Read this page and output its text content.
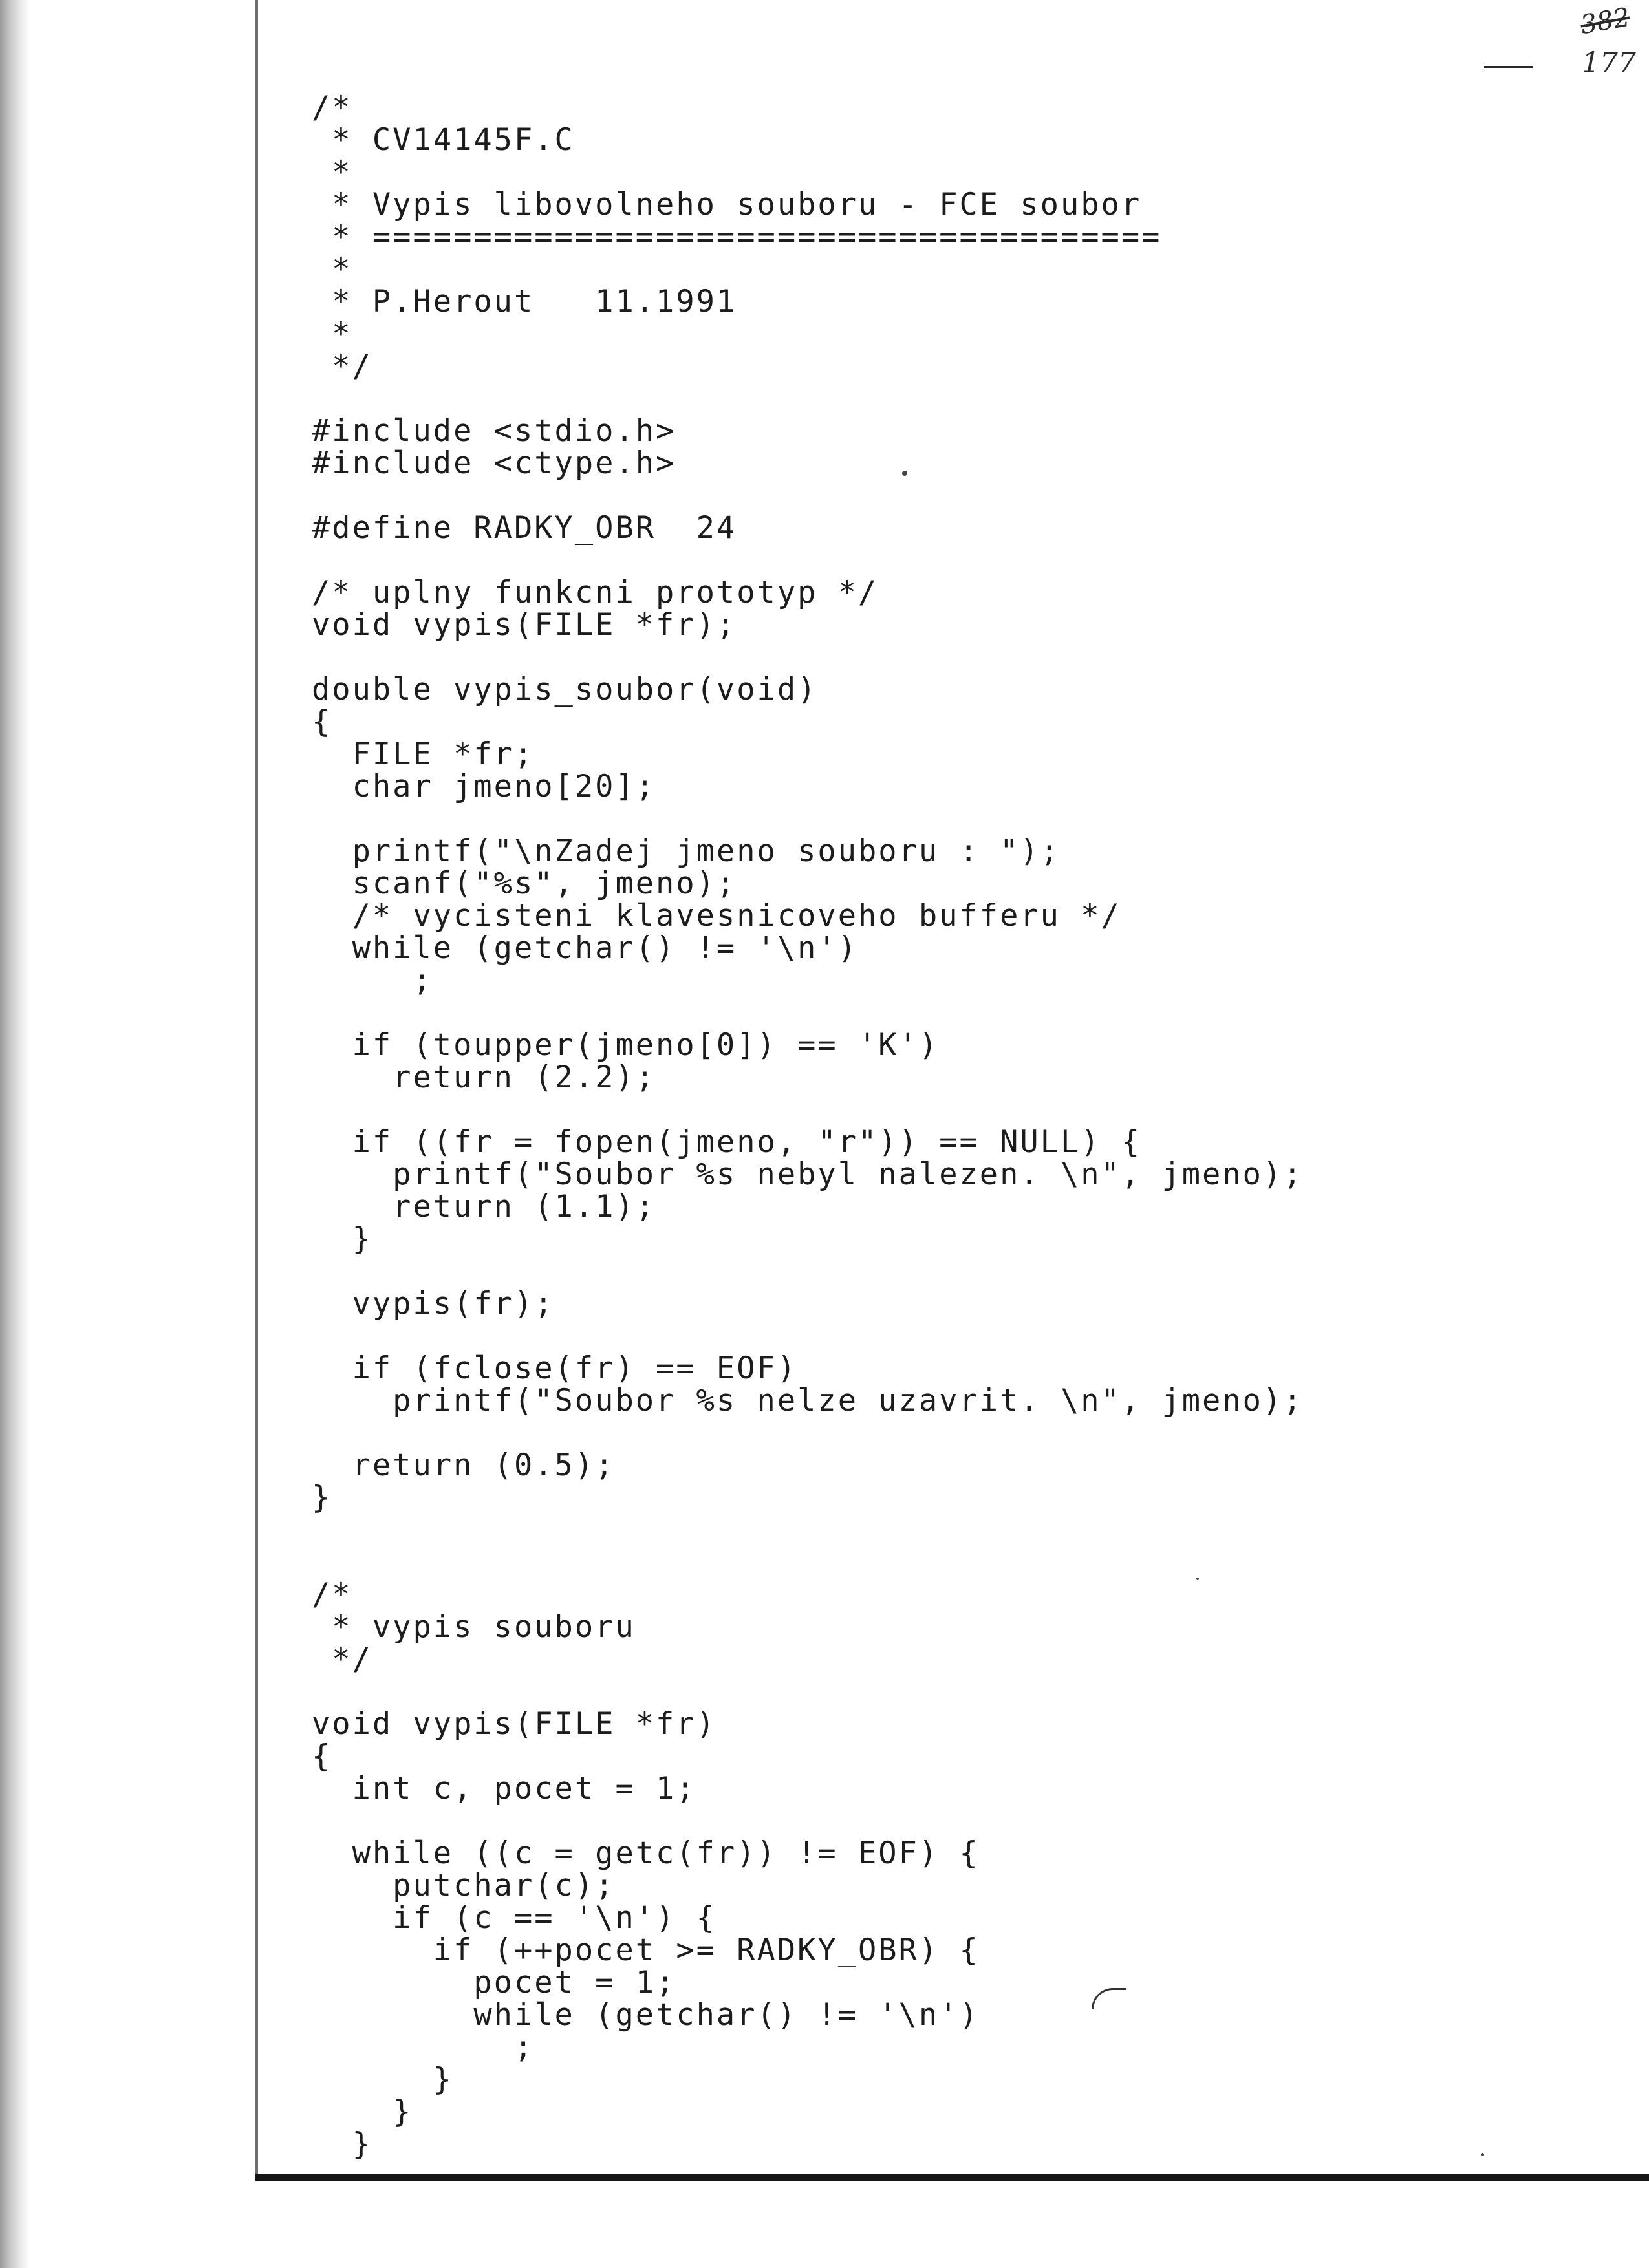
382
177
/*
* CV14145F.C
*
* Vypis libovolneho souboru - FCE soubor
* =======================================
*
* P.Herout   11.1991
*
*/
#include <stdio.h>
#include <ctype.h>
#define RADKY_OBR  24
/* uplny funkcni prototyp */
void vypis(FILE *fr);
double vypis_soubor(void)
{
FILE *fr;
char jmeno[20];
printf("\nZadej jmeno souboru : ");
scanf("%s", jmeno);
/* vycisteni klavesnicoveho bufferu */
while (getchar() != '\n')
;
if (toupper(jmeno[0]) == 'K')
return (2.2);
if ((fr = fopen(jmeno, "r")) == NULL) {
printf("Soubor %s nebyl nalezen. \n", jmeno);
return (1.1);
}
vypis(fr);
if (fclose(fr) == EOF)
printf("Soubor %s nelze uzavrit. \n", jmeno);
return (0.5);
}
/*
* vypis souboru
*/
void vypis(FILE *fr)
{
int c, pocet = 1;
while ((c = getc(fr)) != EOF) {
putchar(c);
if (c == '\n') {
if (++pocet >= RADKY_OBR) {
pocet = 1;
while (getchar() != '\n')
;
}
}
}
